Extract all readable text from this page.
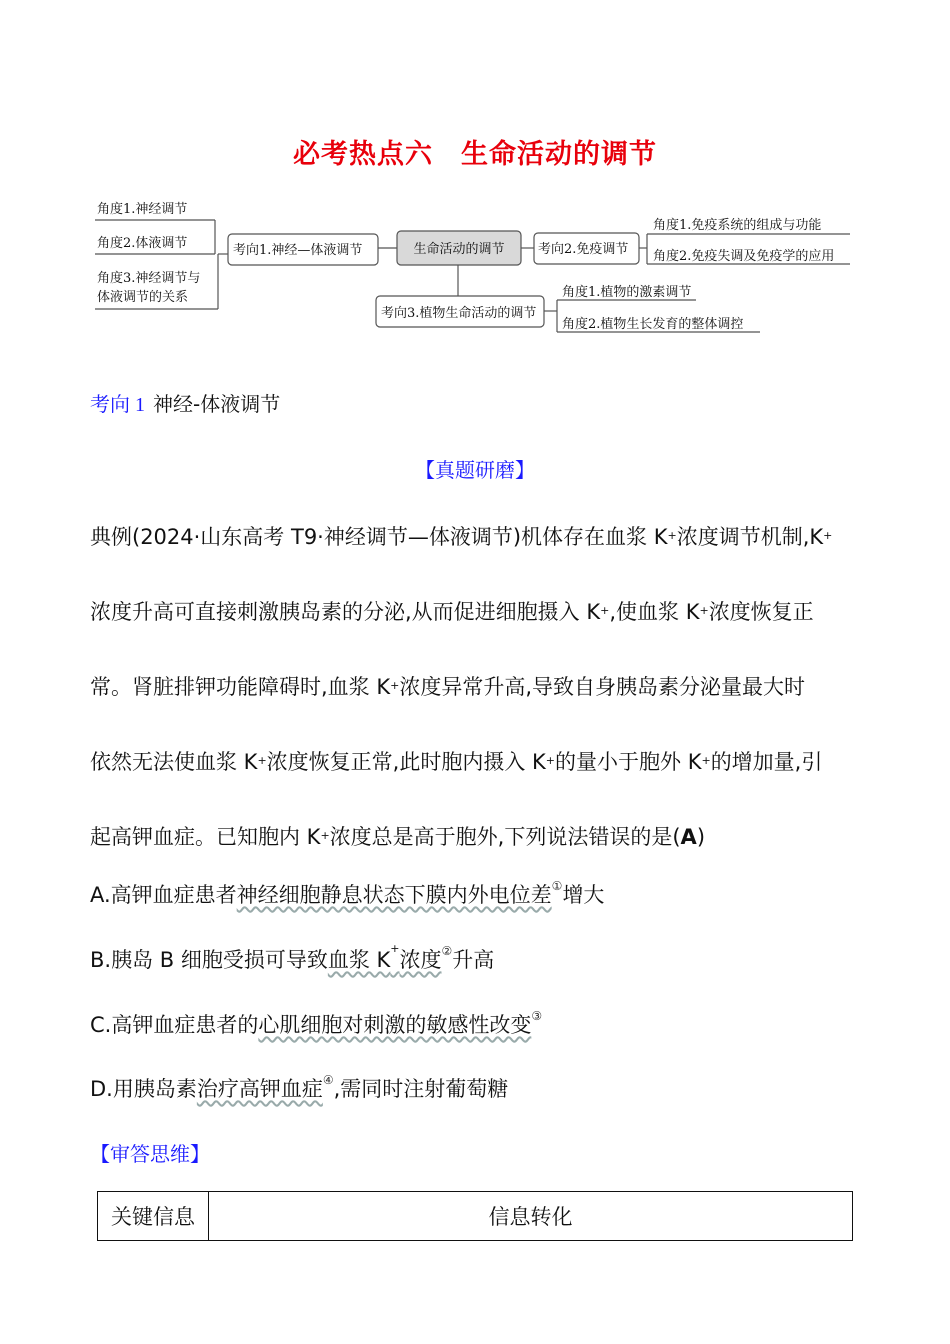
必考热点六 生命活动的调节
角度1.神经调节
角度2.体液调节
角度3.神经调节与
体液调节的关系
考向1.神经—体液调节	生命活动的调节	考向2.免疫调节
角度1.免疫系统的组成与功能
角度2.免疫失调及免疫学的应用
考向3.植物生命活动的调节
角度1.植物的激素调节
角度2.植物生长发育的整体调控
考向 1 神经-体液调节
【真题研磨】
典例(2024·山东高考 T9·神经调节—体液调节)机体存在血浆 K+浓度调节机制,K+
浓度升高可直接刺激胰岛素的分泌,从而促进细胞摄入 K+,使血浆 K+浓度恢复正
常。肾脏排钾功能障碍时,血浆 K+浓度异常升高,导致自身胰岛素分泌量最大时
依然无法使血浆 K+浓度恢复正常,此时胞内摄入 K+的量小于胞外 K+的增加量,引
起高钾血症。已知胞内 K+浓度总是高于胞外,下列说法错误的是(A)
A.高钾血症患者神经细胞静息状态下膜内外电位差①增大
B.胰岛 B 细胞受损可导致血浆 K+浓度②升高
C.高钾血症患者的心肌细胞对刺激的敏感性改变③
D.用胰岛素治疗高钾血症④,需同时注射葡萄糖
【审答思维】
关键信息	信息转化
